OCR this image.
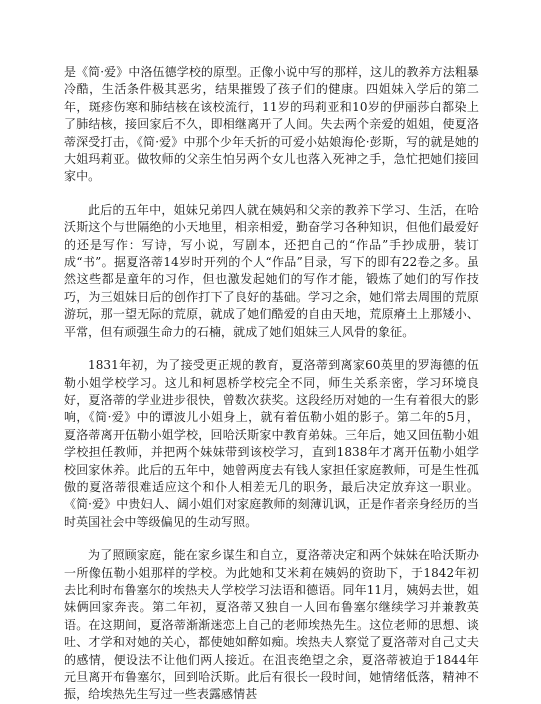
是《简·爱》中洛伍德学校的原型。正像小说中写的那样，这儿的教养方法粗暴冷酷，生活条件极其恶劣，结果摧毁了孩子们的健康。四姐妹入学后的第二年，斑疹伤寒和肺结核在该校流行，11岁的玛莉亚和10岁的伊丽莎白都染上了肺结核，接回家后不久，即相继离开了人间。失去两个亲爱的姐姐，使夏洛蒂深受打击，《简·爱》中那个少年夭折的可爱小姑娘海伦·彭斯，写的就是她的大姐玛莉亚。做牧师的父亲生怕另两个女儿也落入死神之手，急忙把她们接回家中。

此后的五年中，姐妹兄弟四人就在姨妈和父亲的教养下学习、生活，在哈沃斯这个与世隔绝的小天地里，相亲相爱，勤奋学习各种知识，但他们最爱好的还是写作：写诗，写小说，写剧本，还把自己的“作品”手抄成册，装订成“书”。据夏洛蒂14岁时开列的个人“作品”目录，写下的即有22卷之多。虽然这些都是童年的习作，但也激发起她们的写作才能，锻炼了她们的写作技巧，为三姐妹日后的创作打下了良好的基础。学习之余，她们常去周围的荒原游玩，那一望无际的荒原，就成了她们酷爱的自由天地，荒原瘠土上那矮小、平常，但有顽强生命力的石楠，就成了她们姐妹三人风骨的象征。

1831年初，为了接受更正规的教育，夏洛蒂到离家60英里的罗海德的伍勒小姐学校学习。这儿和柯恩桥学校完全不同，师生关系亲密，学习环境良好，夏洛蒂的学业进步很快，曾数次获奖。这段经历对她的一生有着很大的影响，《简·爱》中的谭波儿小姐身上，就有着伍勒小姐的影子。第二年的5月，夏洛蒂离开伍勒小姐学校，回哈沃斯家中教育弟妹。三年后，她又回伍勒小姐学校担任教师，并把两个妹妹带到该校学习，直到1838年才离开伍勒小姐学校回家休养。此后的五年中，她曾两度去有钱人家担任家庭教师，可是生性孤傲的夏洛蒂很难适应这个和仆人相差无几的职务，最后决定放弃这一职业。《简·爱》中贵妇人、阔小姐们对家庭教师的刻薄讥讽，正是作者亲身经历的当时英国社会中等级偏见的生动写照。

为了照顾家庭，能在家乡谋生和自立，夏洛蒂决定和两个妹妹在哈沃斯办一所像伍勒小姐那样的学校。为此她和艾米莉在姨妈的资助下，于1842年初去比利时布鲁塞尔的埃热夫人学校学习法语和德语。同年11月，姨妈去世，姐妹俩回家奔丧。第二年初，夏洛蒂又独自一人回布鲁塞尔继续学习并兼教英语。在这期间，夏洛蒂渐渐迷恋上自己的老师埃热先生。这位老师的思想、谈吐、才学和对她的关心，都使她如醉如痴。埃热夫人察觉了夏洛蒂对自己丈夫的感情，便设法不让他们两人接近。在沮丧绝望之余，夏洛蒂被迫于1844年元旦离开布鲁塞尔，回到哈沃斯。此后有很长一段时间，她情绪低落，精神不振，给埃热先生写过一些表露感情甚
